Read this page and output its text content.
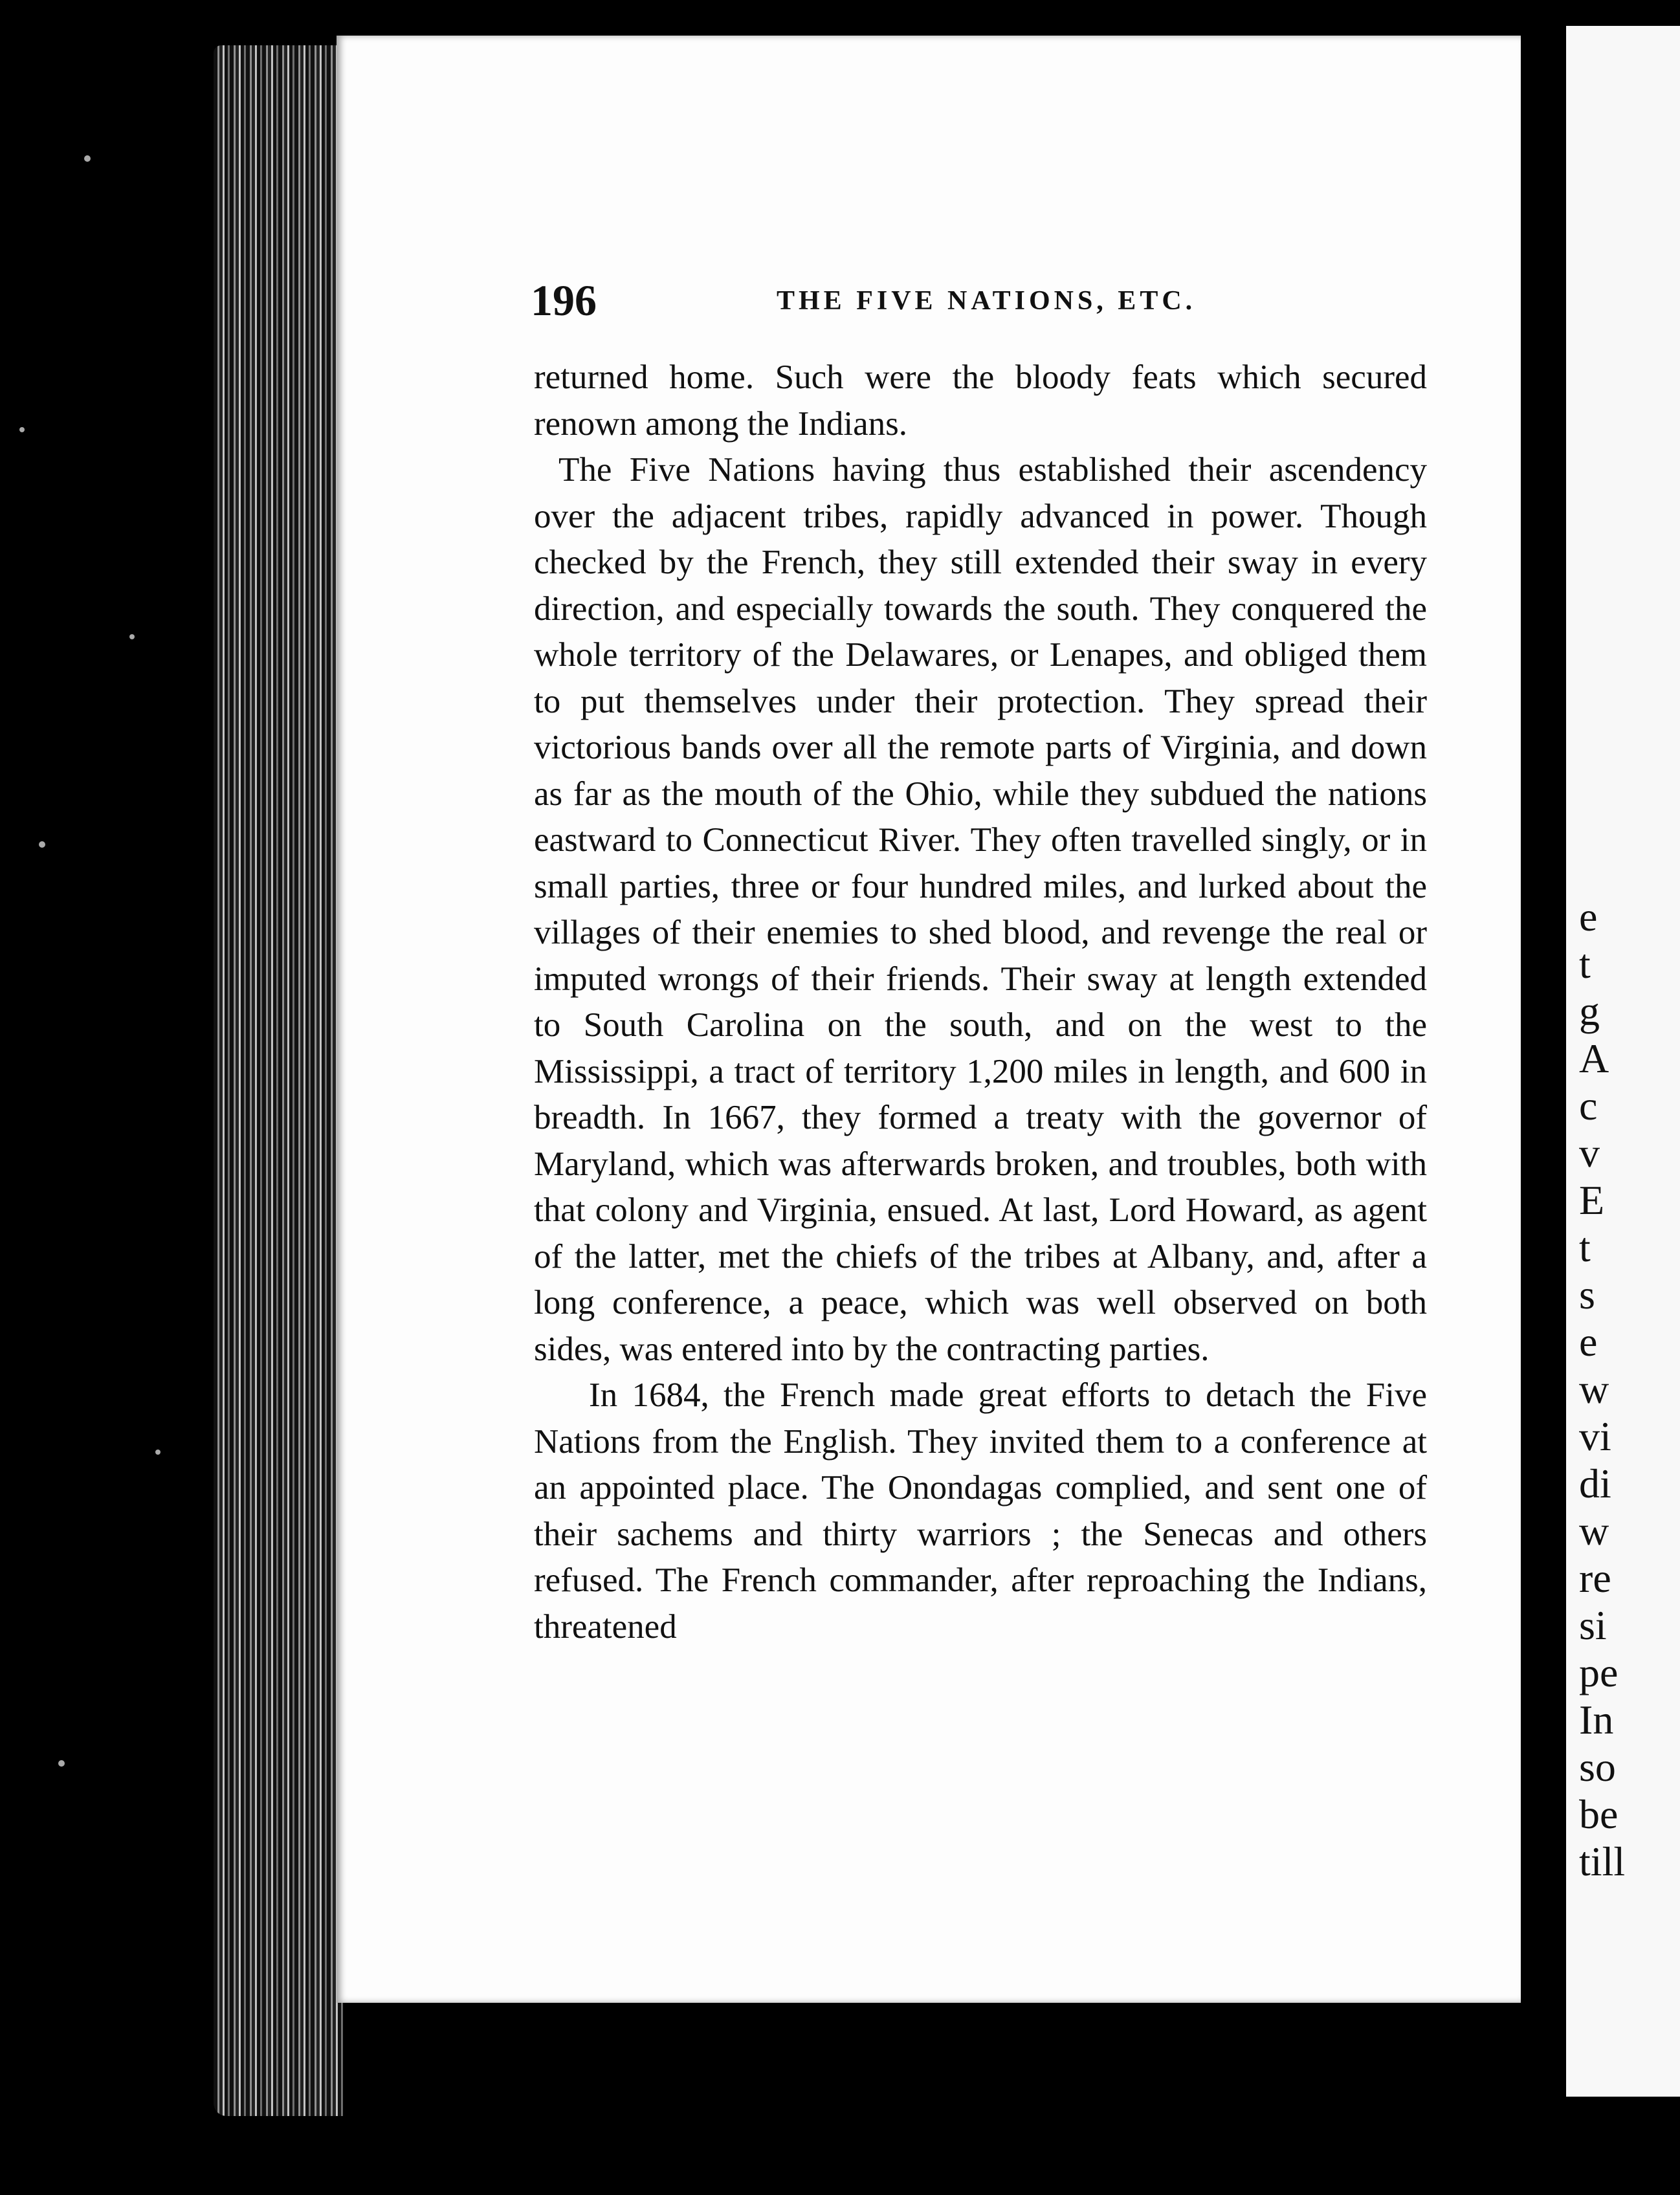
e
t
g
A
c
v
E
t
s
e
w
vi
di
w
re
si
pe
In
so
be
till
196	THE FIVE NATIONS, ETC.

returned home. Such were the bloody feats which secured renown among the Indians.

The Five Nations having thus established their ascendency over the adjacent tribes, rapidly advanced in power. Though checked by the French, they still extended their sway in every direction, and especially towards the south. They conquered the whole territory of the Delawares, or Lenapes, and obliged them to put themselves under their protection. They spread their victorious bands over all the remote parts of Virginia, and down as far as the mouth of the Ohio, while they subdued the nations eastward to Connecticut River. They often travelled singly, or in small parties, three or four hundred miles, and lurked about the villages of their enemies to shed blood, and revenge the real or imputed wrongs of their friends. Their sway at length extended to South Carolina on the south, and on the west to the Mississippi, a tract of territory 1,200 miles in length, and 600 in breadth. In 1667, they formed a treaty with the governor of Maryland, which was afterwards broken, and troubles, both with that colony and Virginia, ensued. At last, Lord Howard, as agent of the latter, met the chiefs of the tribes at Albany, and, after a long conference, a peace, which was well observed on both sides, was entered into by the contracting parties.

In 1684, the French made great efforts to detach the Five Nations from the English. They invited them to a conference at an appointed place. The Onondagas complied, and sent one of their sachems and thirty warriors ; the Senecas and others refused. The French commander, after reproaching the Indians, threatened
